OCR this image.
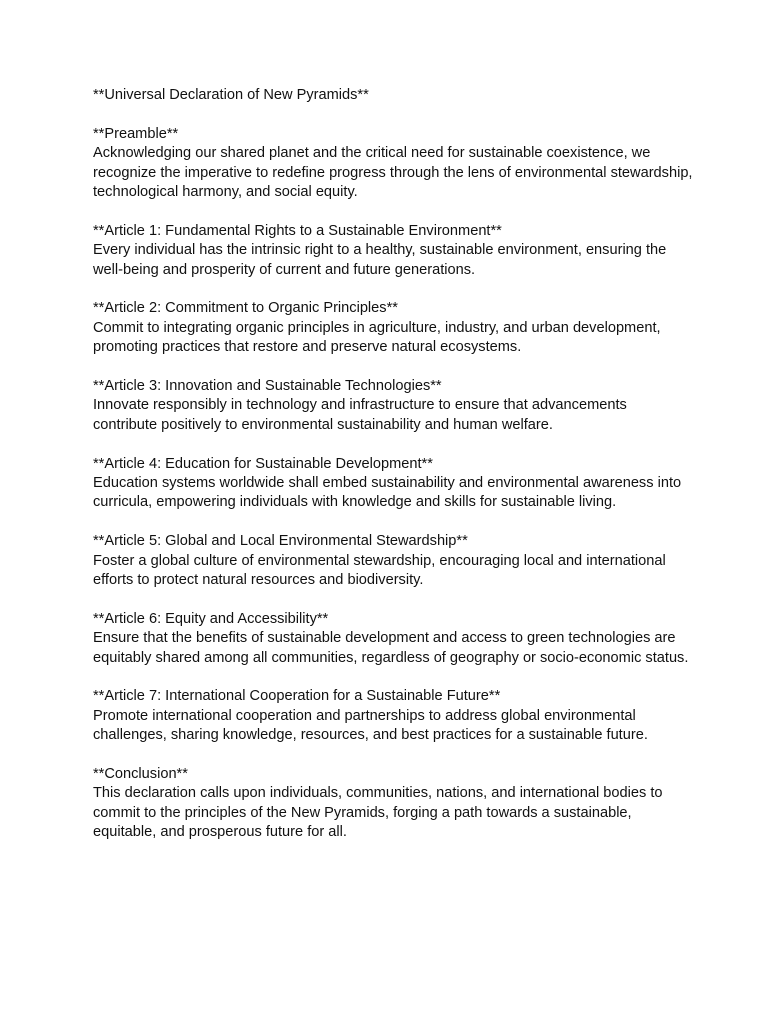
**Universal Declaration of New Pyramids**

**Preamble**

Acknowledging our shared planet and the critical need for sustainable coexistence, we recognize the imperative to redefine progress through the lens of environmental stewardship, technological harmony, and social equity.

**Article 1: Fundamental Rights to a Sustainable Environment**

Every individual has the intrinsic right to a healthy, sustainable environment, ensuring the well-being and prosperity of current and future generations.

**Article 2: Commitment to Organic Principles**

Commit to integrating organic principles in agriculture, industry, and urban development, promoting practices that restore and preserve natural ecosystems.

**Article 3: Innovation and Sustainable Technologies**

Innovate responsibly in technology and infrastructure to ensure that advancements contribute positively to environmental sustainability and human welfare.

**Article 4: Education for Sustainable Development**

Education systems worldwide shall embed sustainability and environmental awareness into curricula, empowering individuals with knowledge and skills for sustainable living.

**Article 5: Global and Local Environmental Stewardship**

Foster a global culture of environmental stewardship, encouraging local and international efforts to protect natural resources and biodiversity.

**Article 6: Equity and Accessibility**

Ensure that the benefits of sustainable development and access to green technologies are equitably shared among all communities, regardless of geography or socio-economic status.

**Article 7: International Cooperation for a Sustainable Future**

Promote international cooperation and partnerships to address global environmental challenges, sharing knowledge, resources, and best practices for a sustainable future.

**Conclusion**

This declaration calls upon individuals, communities, nations, and international bodies to commit to the principles of the New Pyramids, forging a path towards a sustainable, equitable, and prosperous future for all.
